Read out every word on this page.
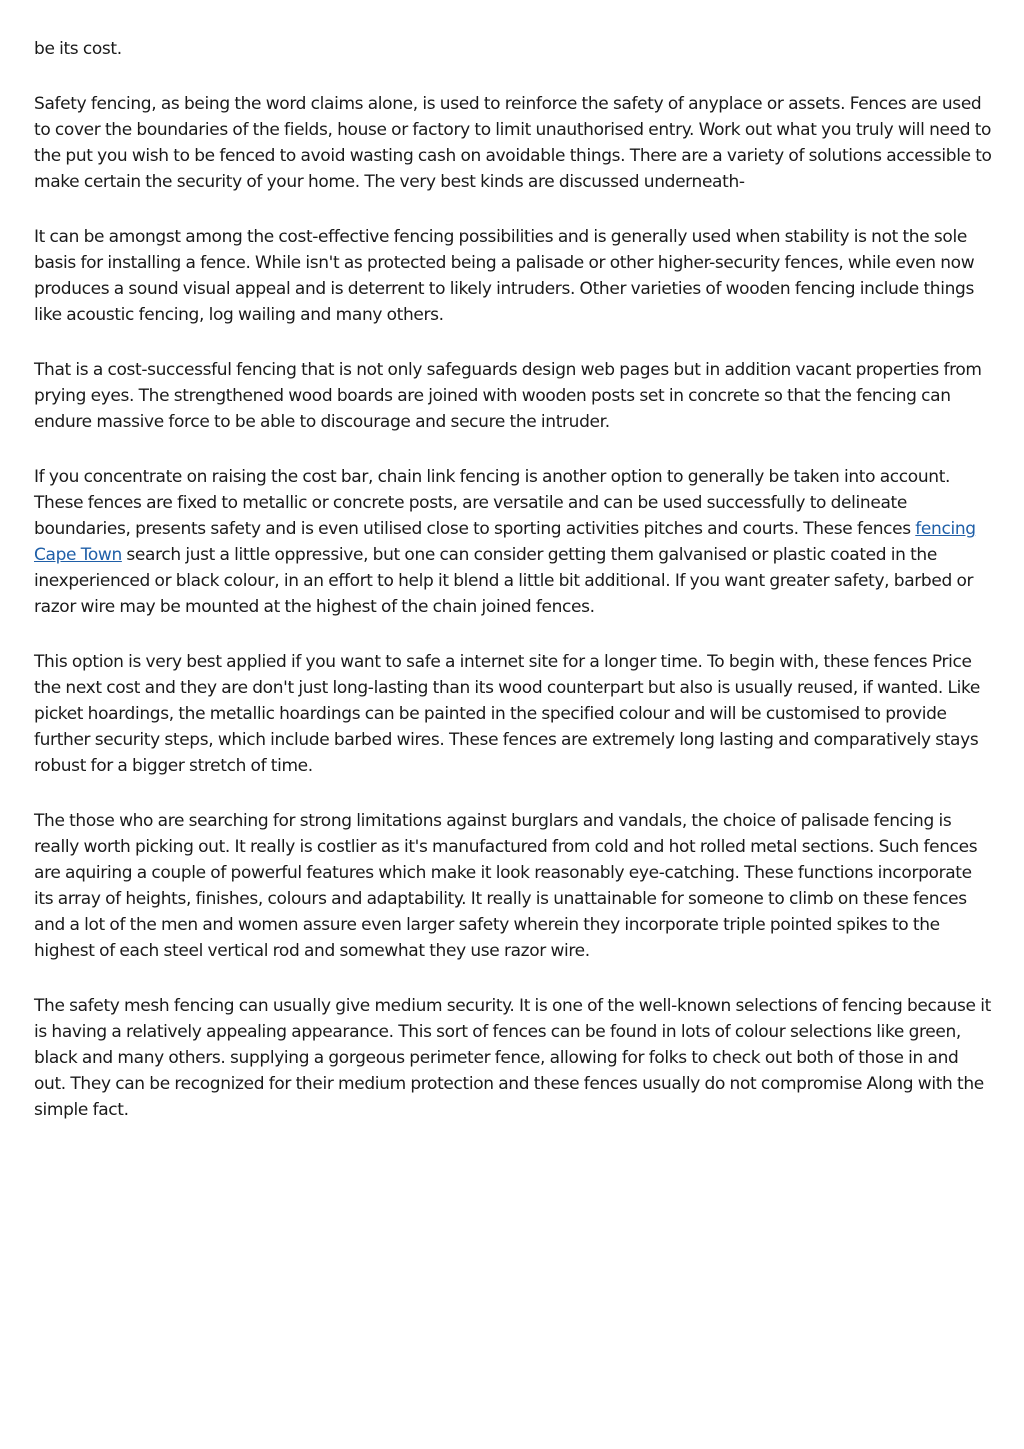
be its cost.

Safety fencing, as being the word claims alone, is used to reinforce the safety of anyplace or assets. Fences are used to cover the boundaries of the fields, house or factory to limit unauthorised entry. Work out what you truly will need to the put you wish to be fenced to avoid wasting cash on avoidable things. There are a variety of solutions accessible to make certain the security of your home. The very best kinds are discussed underneath-

It can be amongst among the cost-effective fencing possibilities and is generally used when stability is not the sole basis for installing a fence. While isn't as protected being a palisade or other higher-security fences, while even now produces a sound visual appeal and is deterrent to likely intruders. Other varieties of wooden fencing include things like acoustic fencing, log wailing and many others.

That is a cost-successful fencing that is not only safeguards design web pages but in addition vacant properties from prying eyes. The strengthened wood boards are joined with wooden posts set in concrete so that the fencing can endure massive force to be able to discourage and secure the intruder.

If you concentrate on raising the cost bar, chain link fencing is another option to generally be taken into account. These fences are fixed to metallic or concrete posts, are versatile and can be used successfully to delineate boundaries, presents safety and is even utilised close to sporting activities pitches and courts. These fences fencing Cape Town search just a little oppressive, but one can consider getting them galvanised or plastic coated in the inexperienced or black colour, in an effort to help it blend a little bit additional. If you want greater safety, barbed or razor wire may be mounted at the highest of the chain joined fences.

This option is very best applied if you want to safe a internet site for a longer time. To begin with, these fences Price the next cost and they are don't just long-lasting than its wood counterpart but also is usually reused, if wanted. Like picket hoardings, the metallic hoardings can be painted in the specified colour and will be customised to provide further security steps, which include barbed wires. These fences are extremely long lasting and comparatively stays robust for a bigger stretch of time.

The those who are searching for strong limitations against burglars and vandals, the choice of palisade fencing is really worth picking out. It really is costlier as it's manufactured from cold and hot rolled metal sections. Such fences are aquiring a couple of powerful features which make it look reasonably eye-catching. These functions incorporate its array of heights, finishes, colours and adaptability. It really is unattainable for someone to climb on these fences and a lot of the men and women assure even larger safety wherein they incorporate triple pointed spikes to the highest of each steel vertical rod and somewhat they use razor wire.

The safety mesh fencing can usually give medium security. It is one of the well-known selections of fencing because it is having a relatively appealing appearance. This sort of fences can be found in lots of colour selections like green, black and many others. supplying a gorgeous perimeter fence, allowing for folks to check out both of those in and out. They can be recognized for their medium protection and these fences usually do not compromise Along with the simple fact.
